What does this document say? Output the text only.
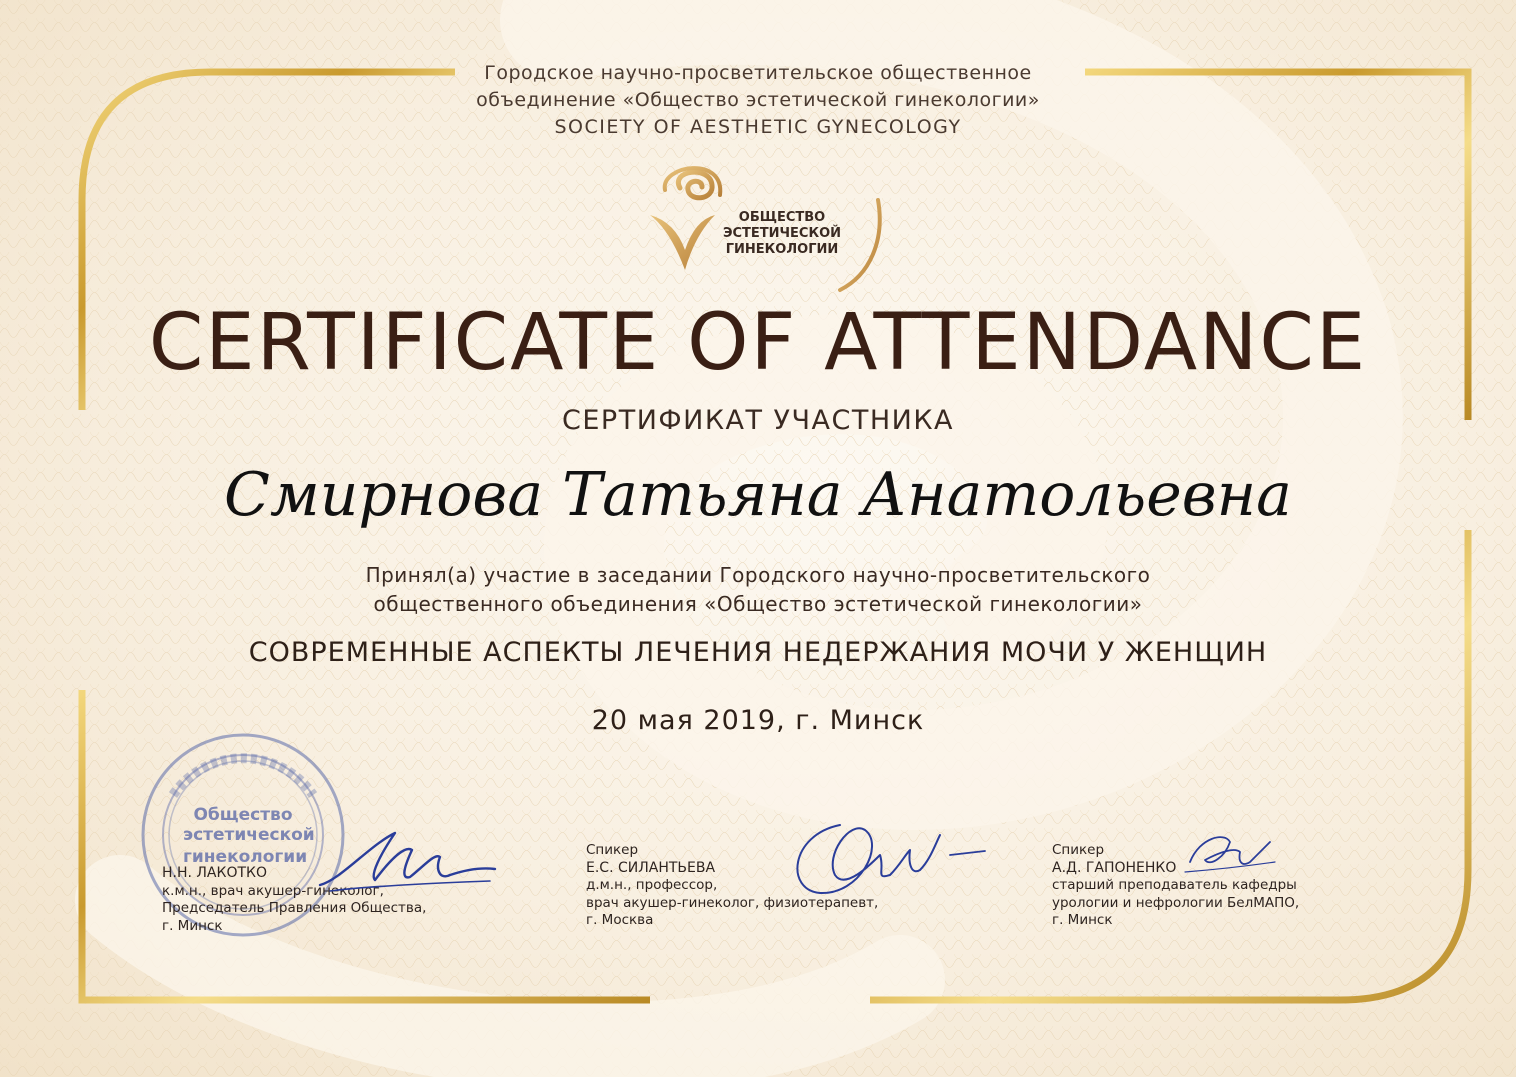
Городское научно-просветительское общественное

объединение «Общество эстетической гинекологии»

SOCIETY OF AESTHETIC GYNECOLOGY

ОБЩЕСТВО
ЭСТЕТИЧЕСКОЙ
ГИНЕКОЛОГИИ
CERTIFICATE OF ATTENDANCE

СЕРТИФИКАТ УЧАСТНИКА

Смирнова Татьяна Анатольевна

Принял(а) участие в заседании Городского научно-просветительского

общественного объединения «Общество эстетической гинекологии»

СОВРЕМЕННЫЕ АСПЕКТЫ ЛЕЧЕНИЯ НЕДЕРЖАНИЯ МОЧИ У ЖЕНЩИН

20 мая 2019, г. Минск

Общество
эстетической
гинекологии
Н.Н. ЛАКОТКО
к.м.н., врач акушер-гинеколог,
Председатель Правления Общества,
г. Минск
Спикер
Е.С. СИЛАНТЬЕВА
д.м.н., профессор,
врач акушер-гинеколог, физиотерапевт,
г. Москва
Спикер
А.Д. ГАПОНЕНКО
старший преподаватель кафедры
урологии и нефрологии БелМАПО,
г. Минск
